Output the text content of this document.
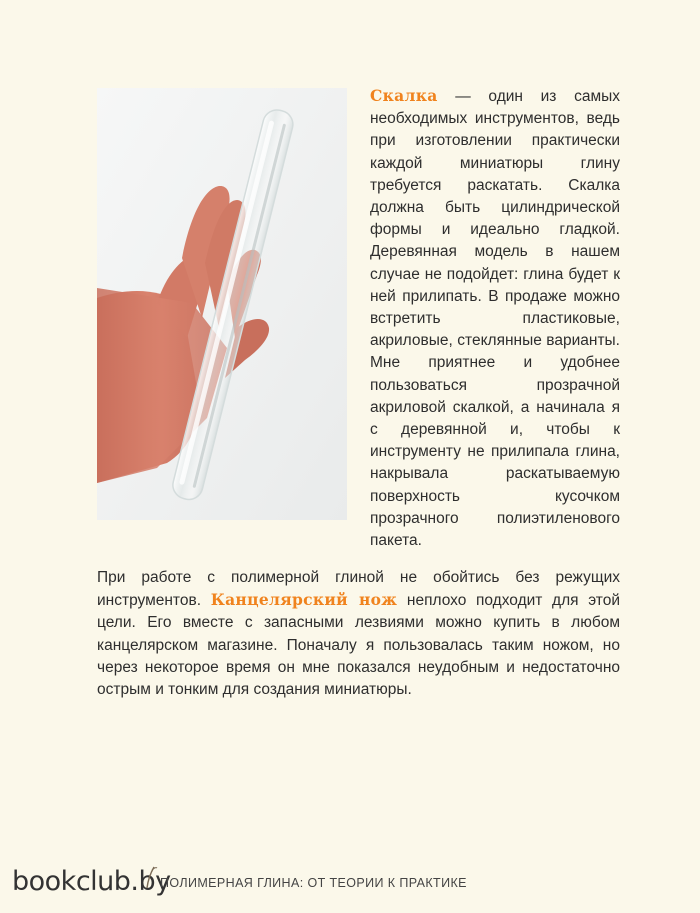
Скалка — один из самых необходимых инструментов, ведь при изготовлении практически каждой миниатюры глину требуется раскатать. Скалка должна быть цилиндрической формы и идеально гладкой. Деревянная модель в нашем случае не подойдет: глина будет к ней прилипать. В продаже можно встретить пластиковые, акриловые, стеклянные варианты. Мне приятнее и удобнее пользоваться прозрачной акриловой скалкой, а начинала я с деревянной и, чтобы к инструменту не прилипала глина, накрывала раскатываемую поверхность кусочком прозрачного полиэтиленового пакета.
При работе с полимерной глиной не обойтись без режущих инструментов. Канцелярский нож неплохо подходит для этой цели. Его вместе с запасными лезвиями можно купить в любом канцелярском магазине. Поначалу я пользовалась таким ножом, но через некоторое время он мне показался неудобным и недостаточно острым и тонким для создания миниатюры.
bookclub.by
ПОЛИМЕРНАЯ ГЛИНА: ОТ ТЕОРИИ К ПРАКТИКЕ
